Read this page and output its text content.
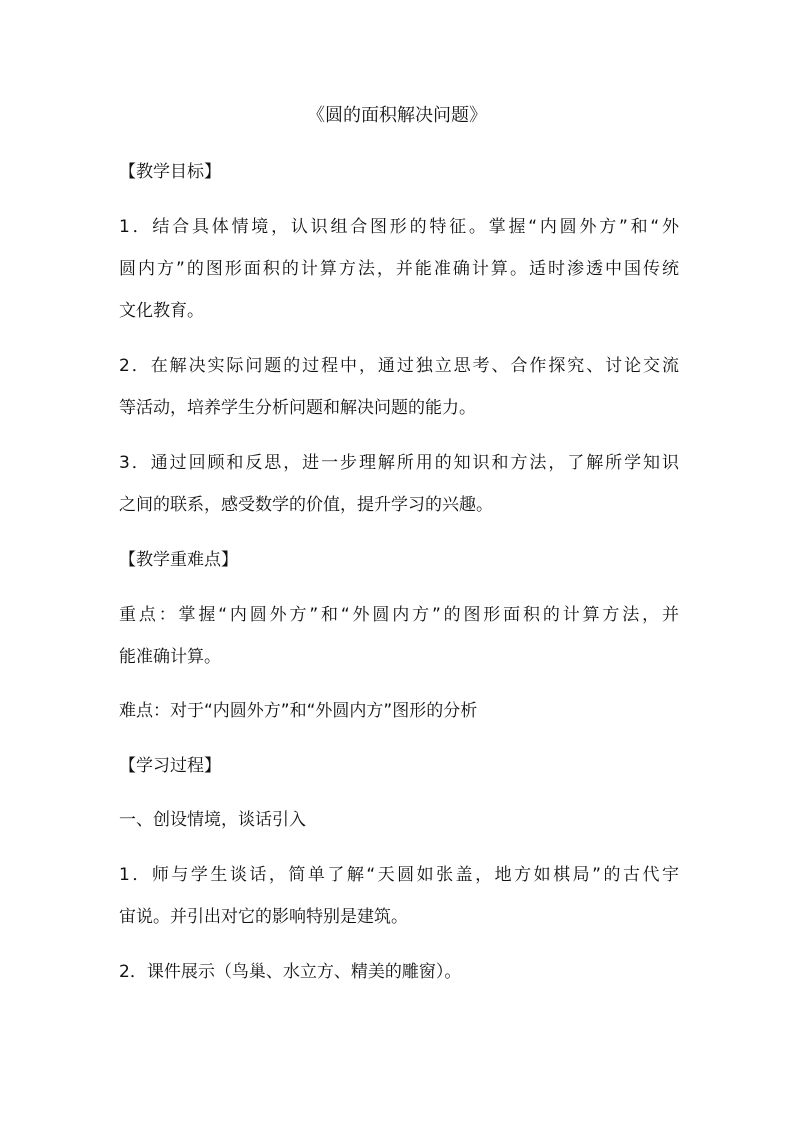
《圆的面积解决问题》
【教学目标】
1．结合具体情境，认识组合图形的特征。掌握“内圆外方”和“外
圆内方”的图形面积的计算方法，并能准确计算。适时渗透中国传统
文化教育。
2．在解决实际问题的过程中，通过独立思考、合作探究、讨论交流
等活动，培养学生分析问题和解决问题的能力。
3．通过回顾和反思，进一步理解所用的知识和方法，了解所学知识
之间的联系，感受数学的价值，提升学习的兴趣。
【教学重难点】
重点：掌握“内圆外方”和“外圆内方”的图形面积的计算方法，并
能准确计算。
难点：对于“内圆外方”和“外圆内方”图形的分析
【学习过程】
一、创设情境，谈话引入
1．师与学生谈话，简单了解“天圆如张盖，地方如棋局”的古代宇
宙说。并引出对它的影响特别是建筑。
2．课件展示（鸟巢、水立方、精美的雕窗）。
